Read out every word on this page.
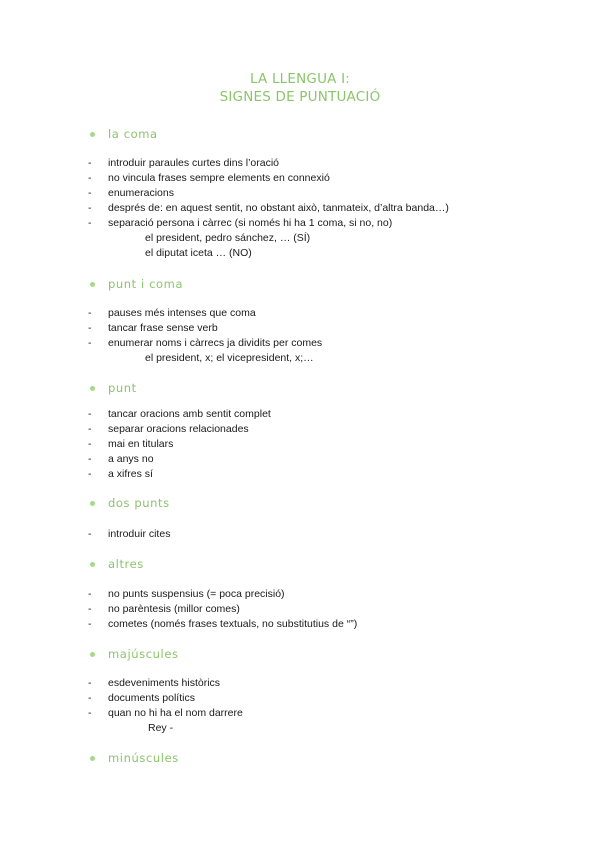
LA LLENGUA I:
SIGNES DE PUNTUACIÓ
la coma
- introduir paraules curtes dins l’oració
- no vincula frases sempre elements en connexió
- enumeracions
- després de: en aquest sentit, no obstant això, tanmateix, d’altra banda…)
- separació persona i càrrec (si només hi ha 1 coma, si no, no)
el president, pedro sánchez, … (SÍ)
el diputat iceta … (NO)
punt i coma
- pauses més intenses que coma
- tancar frase sense verb
- enumerar noms i càrrecs ja dividits per comes
el president, x; el vicepresident, x;…
punt
- tancar oracions amb sentit complet
- separar oracions relacionades
- mai en titulars
- a anys no
- a xifres sí
dos punts
- introduir cites
altres
- no punts suspensius (= poca precisió)
- no parèntesis (millor comes)
- cometes (només frases textuals, no substitutius de “”)
majúscules
- esdeveniments històrics
- documents polítics
- quan no hi ha el nom darrere
Rey -
minúscules
